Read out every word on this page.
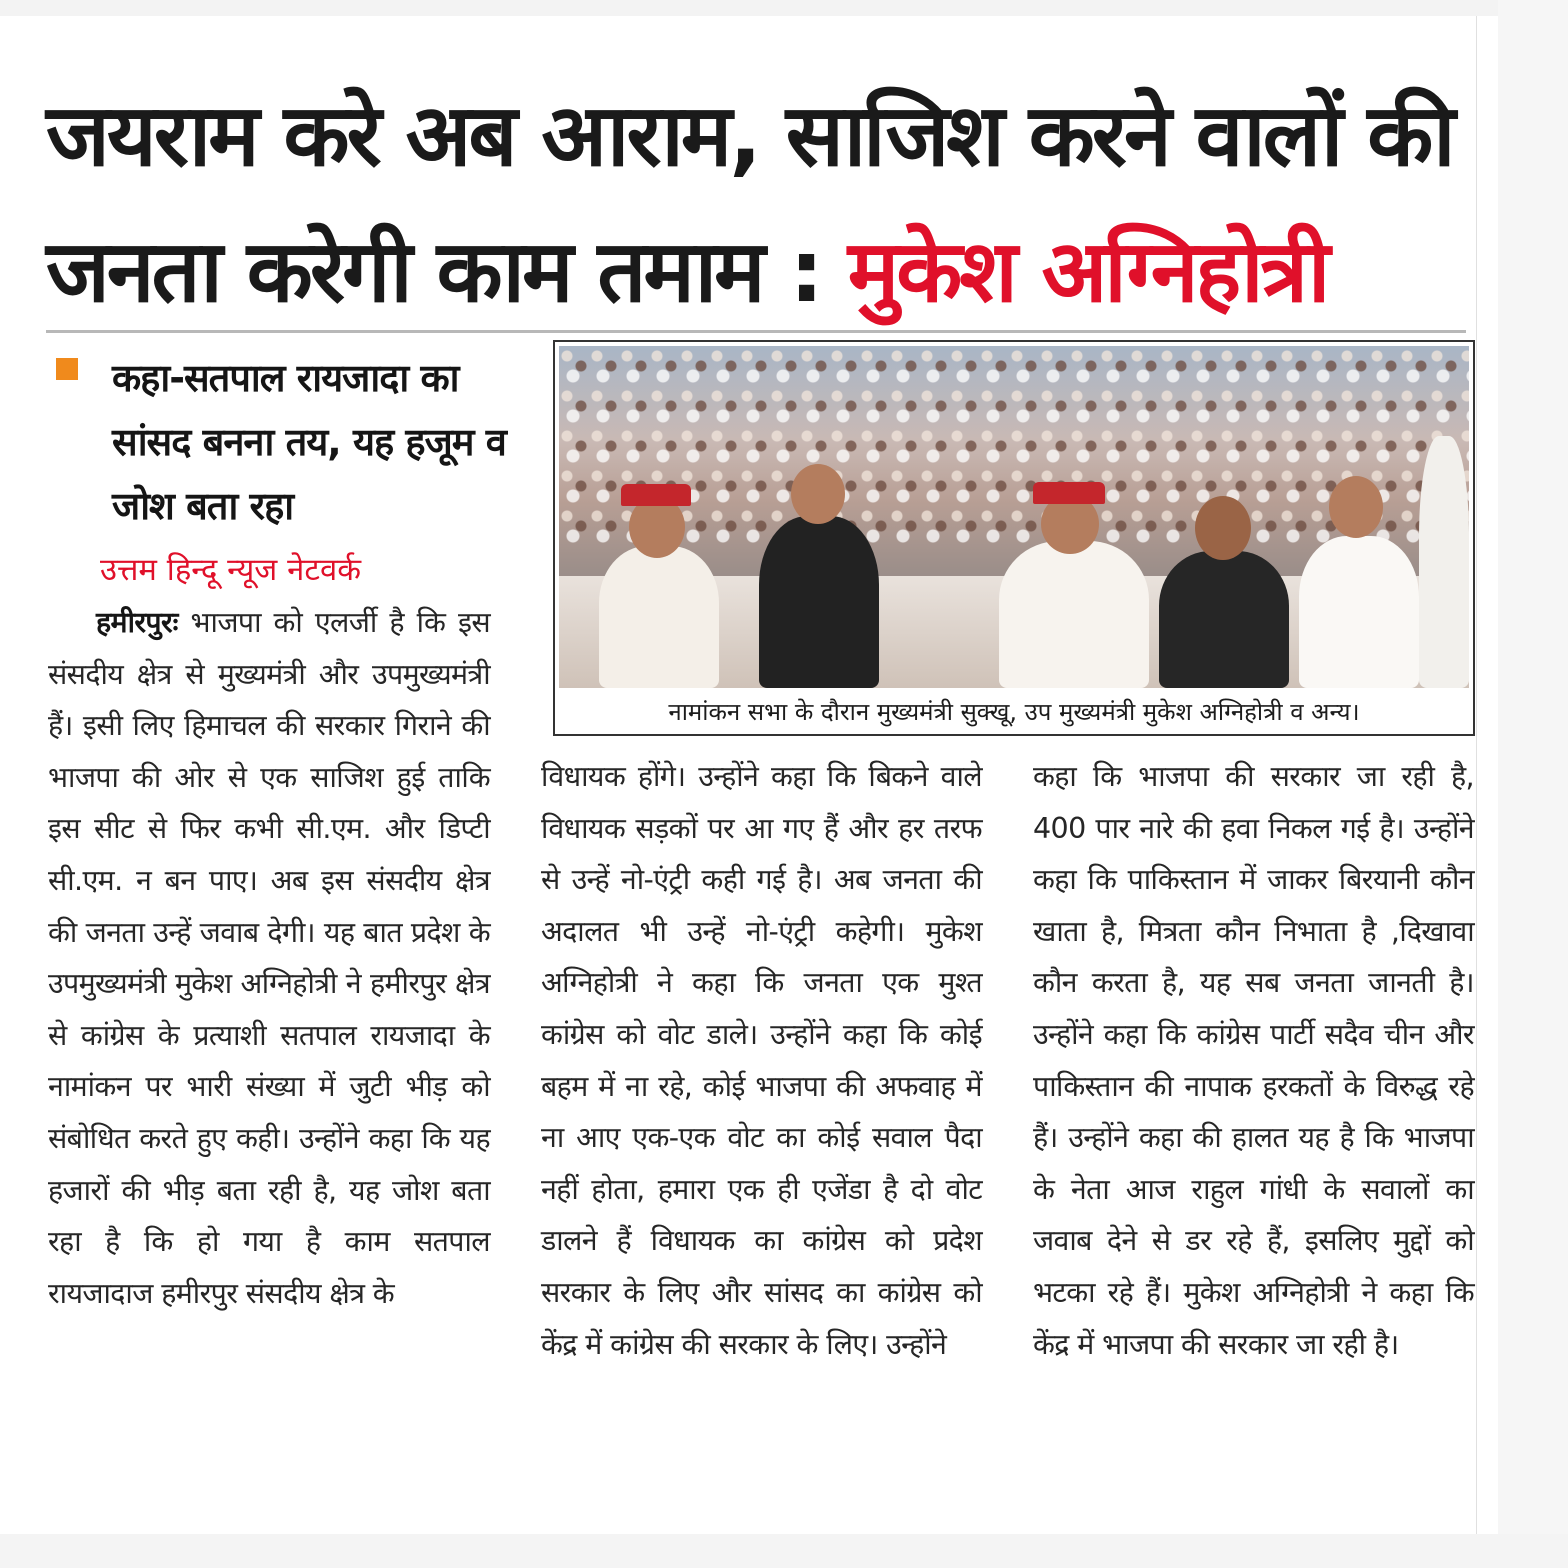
जयराम करे अब आराम, साजिश करने वालों की
जनता करेगी काम तमाम : मुकेश अग्निहोत्री
कहा-सतपाल रायजादा का सांसद बनना तय, यह हजूम व जोश बता रहा
उत्तम हिन्दू न्यूज नेटवर्क
नामांकन सभा के दौरान मुख्यमंत्री सुक्खू, उप मुख्यमंत्री मुकेश अग्निहोत्री व अन्य।
हमीरपुरः भाजपा को एलर्जी है कि इस संसदीय क्षेत्र से मुख्यमंत्री और उपमुख्यमंत्री हैं। इसी लिए हिमाचल की सरकार गिराने की भाजपा की ओर से एक साजिश हुई ताकि इस सीट से फिर कभी सी.एम. और डिप्टी सी.एम. न बन पाए। अब इस संसदीय क्षेत्र की जनता उन्हें जवाब देगी। यह बात प्रदेश के उपमुख्यमंत्री मुकेश अग्निहोत्री ने हमीरपुर क्षेत्र से कांग्रेस के प्रत्याशी सतपाल रायजादा के नामांकन पर भारी संख्या में जुटी भीड़ को संबोधित करते हुए कही। उन्होंने कहा कि यह हजारों की भीड़ बता रही है, यह जोश बता रहा है कि हो गया है काम सतपाल रायजादाज हमीरपुर संसदीय क्षेत्र के
विधायक होंगे। उन्होंने कहा कि बिकने वाले विधायक सड़कों पर आ गए हैं और हर तरफ से उन्हें नो-एंट्री कही गई है। अब जनता की अदालत भी उन्हें नो-एंट्री कहेगी। मुकेश अग्निहोत्री ने कहा कि जनता एक मुश्त कांग्रेस को वोट डाले। उन्होंने कहा कि कोई बहम में ना रहे, कोई भाजपा की अफवाह में ना आए एक-एक वोट का कोई सवाल पैदा नहीं होता, हमारा एक ही एजेंडा है दो वोट डालने हैं विधायक का कांग्रेस को प्रदेश सरकार के लिए और सांसद का कांग्रेस को केंद्र में कांग्रेस की सरकार के लिए। उन्होंने
कहा कि भाजपा की सरकार जा रही है, 400 पार नारे की हवा निकल गई है। उन्होंने कहा कि पाकिस्तान में जाकर बिरयानी कौन खाता है, मित्रता कौन निभाता है ,दिखावा कौन करता है, यह सब जनता जानती है। उन्होंने कहा कि कांग्रेस पार्टी सदैव चीन और पाकिस्तान की नापाक हरकतों के विरुद्ध रहे हैं। उन्होंने कहा की हालत यह है कि भाजपा के नेता आज राहुल गांधी के सवालों का जवाब देने से डर रहे हैं, इसलिए मुद्दों को भटका रहे हैं। मुकेश अग्निहोत्री ने कहा कि केंद्र में भाजपा की सरकार जा रही है।
